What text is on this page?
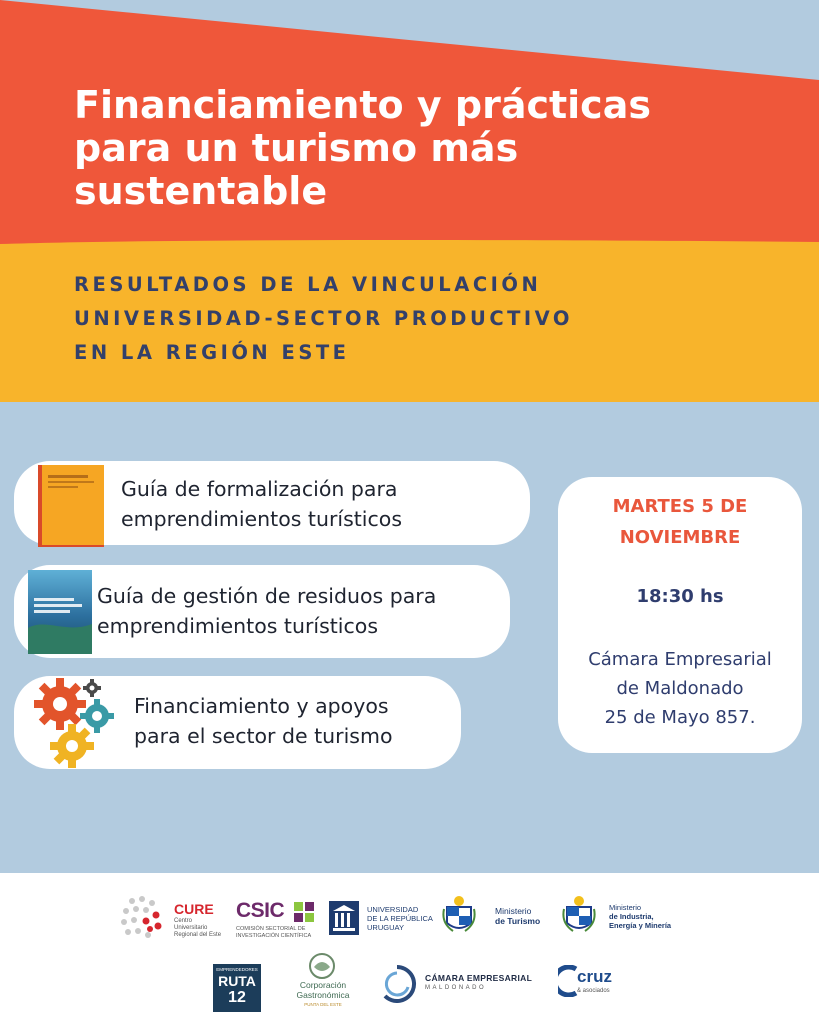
Financiamiento y prácticas
para un turismo más
sustentable
RESULTADOS DE LA VINCULACIÓN
UNIVERSIDAD-SECTOR PRODUCTIVO
EN LA REGIÓN ESTE
Guía de formalización para
emprendimientos turísticos
Guía de gestión de residuos para
emprendimientos turísticos
Financiamiento y apoyos
para el sector de turismo
MARTES 5 DE
NOVIEMBRE
18:30 hs
Cámara Empresarial
de Maldonado
25 de Mayo 857.
CURE
Centro Universitario
Regional del Este
CSIC
COMISIÓN SECTORIAL DE
INVESTIGACIÓN CIENTÍFICA
UNIVERSIDAD
DE LA REPÚBLICA
URUGUAY
Ministerio
de Turismo
Ministerio
de Industria,
Energía y Minería
EMPRENDEDORES
RUTA
12
Corporación
Gastronómica
PUNTA DEL ESTE
CÁMARA EMPRESARIAL
MALDONADO
cruz
& asociados
